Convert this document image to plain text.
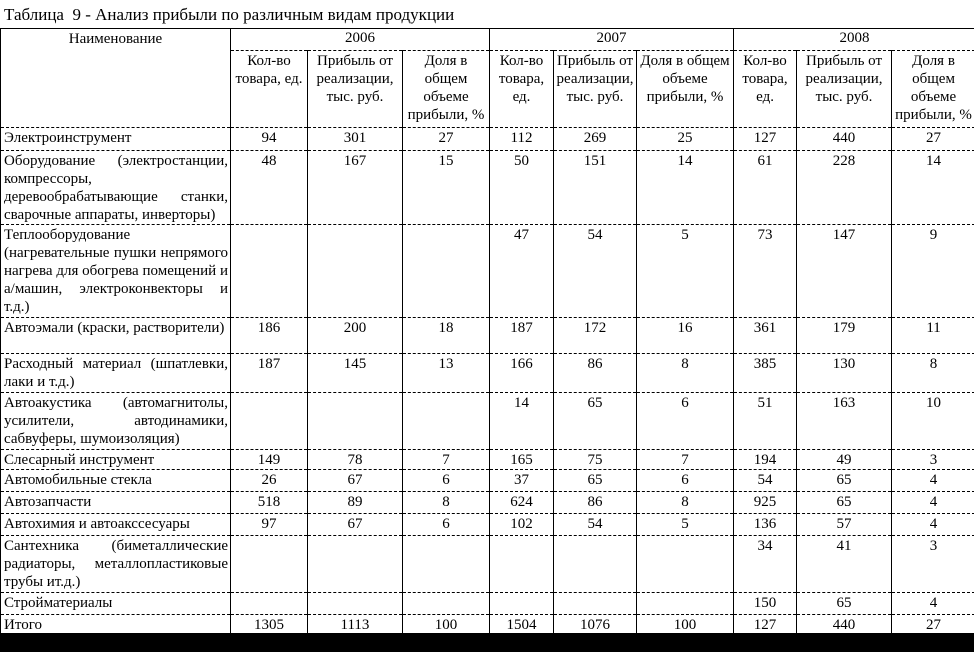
Таблица  9 - Анализ прибыли по различным видам продукции
Наименование	2006			2007			2008		
	Кол-во товара, ед.	Прибыль от реализации, тыс. руб.	Доля в общем объеме прибыли, %	Кол-во товара, ед.	Прибыль от реализации, тыс. руб.	Доля в общем объеме прибыли, %	Кол-во товара, ед.	Прибыль от реализации, тыс. руб.	Доля в общем объеме прибыли, %
Электроинструмент	94	301	27	112	269	25	127	440	27
Оборудование (электростанции, компрессоры, деревообрабатывающие станки, сварочные аппараты, инверторы)	48	167	15	50	151	14	61	228	14
Теплооборудование (нагревательные пушки непрямого нагрева для обогрева помещений и а/машин, электроконвекторы и т.д.)				47	54	5	73	147	9
Автоэмали (краски, растворители)	186	200	18	187	172	16	361	179	11
Расходный материал (шпатлевки, лаки и т.д.)	187	145	13	166	86	8	385	130	8
Автоакустика (автомагнитолы, усилители, автодинамики, сабвуферы, шумоизоляция)				14	65	6	51	163	10
Слесарный инструмент	149	78	7	165	75	7	194	49	3
Автомобильные стекла	26	67	6	37	65	6	54	65	4
Автозапчасти	518	89	8	624	86	8	925	65	4
Автохимия и автоакссесуары	97	67	6	102	54	5	136	57	4
Сантехника (биметаллические радиаторы, металлопластиковые трубы ит.д.)							34	41	3
Стройматериалы							150	65	4
Итого	1305	1113	100	1504	1076	100	127	440	27
